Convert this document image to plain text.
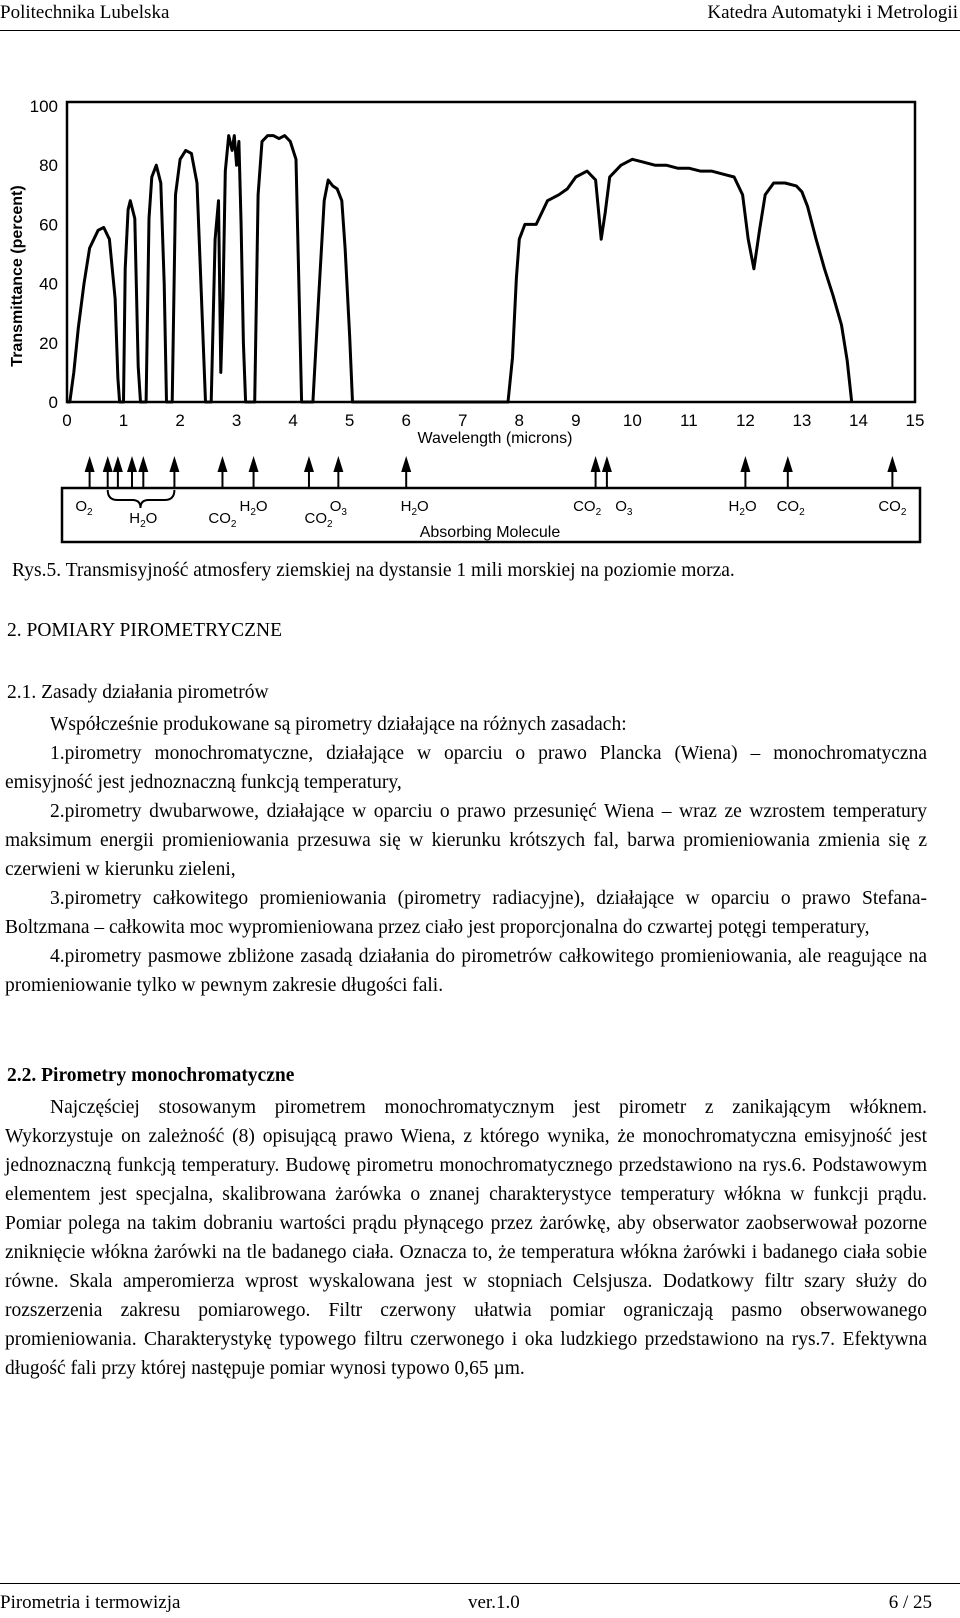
Politechnika Lubelska	Katedra Automatyki i Metrologii
0	1	2	3	4	5	6	7	8	9 10 11 12 13 14 15
0
20
40
60
80
100
Wavelength (microns)
Transmittance (percent)
$O_2$ $H_2O$	$CO_2$
$H_2O$
$CO_2$
$O_3$	$H_2O$	$CO_2$ $O_3$	$H_2O$ $CO_2$	$CO_2$
Absorbing Molecule
Rys.5. Transmisyjność atmosfery ziemskiej na dystansie 1 mili morskiej na poziomie morza.
2. POMIARY PIROMETRYCZNE
2.1. Zasady działania pirometrów
Współcześnie produkowane są pirometry działające na różnych zasadach:

1.pirometry monochromatyczne, działające w oparciu o prawo Plancka (Wiena) – monochromatyczna emisyjność jest jednoznaczną funkcją temperatury,

2.pirometry dwubarwowe, działające w oparciu o prawo przesunięć Wiena – wraz ze wzrostem temperatury maksimum energii promieniowania przesuwa się w kierunku krótszych fal, barwa promieniowania zmienia się z czerwieni w kierunku zieleni,

3.pirometry całkowitego promieniowania (pirometry radiacyjne), działające w oparciu o prawo Stefana-Boltzmana – całkowita moc wypromieniowana przez ciało jest proporcjonalna do czwartej potęgi temperatury,

4.pirometry pasmowe zbliżone zasadą działania do pirometrów całkowitego promieniowania, ale reagujące na promieniowanie tylko w pewnym zakresie długości fali.

2.2. Pirometry monochromatyczne

Najczęściej stosowanym pirometrem monochromatycznym jest pirometr z zanikającym włóknem. Wykorzystuje on zależność (8) opisującą prawo Wiena, z którego wynika, że monochromatyczna emisyjność jest jednoznaczną funkcją temperatury. Budowę pirometru monochromatycznego przedstawiono na rys.6. Podstawowym elementem jest specjalna, skalibrowana żarówka o znanej charakterystyce temperatury włókna w funkcji prądu. Pomiar polega na takim dobraniu wartości prądu płynącego przez żarówkę, aby obserwator zaobserwował pozorne zniknięcie włókna żarówki na tle badanego ciała. Oznacza to, że temperatura włókna żarówki i badanego ciała sobie równe. Skala amperomierza wprost wyskalowana jest w stopniach Celsjusza. Dodatkowy filtr szary służy do rozszerzenia zakresu pomiarowego. Filtr czerwony ułatwia pomiar ograniczają pasmo obserwowanego promieniowania. Charakterystykę typowego filtru czerwonego i oka ludzkiego przedstawiono na rys.7. Efektywna długość fali przy której następuje pomiar wynosi typowo 0,65 µm.

Pirometria i termowizja	ver.1.0	6 / 25
